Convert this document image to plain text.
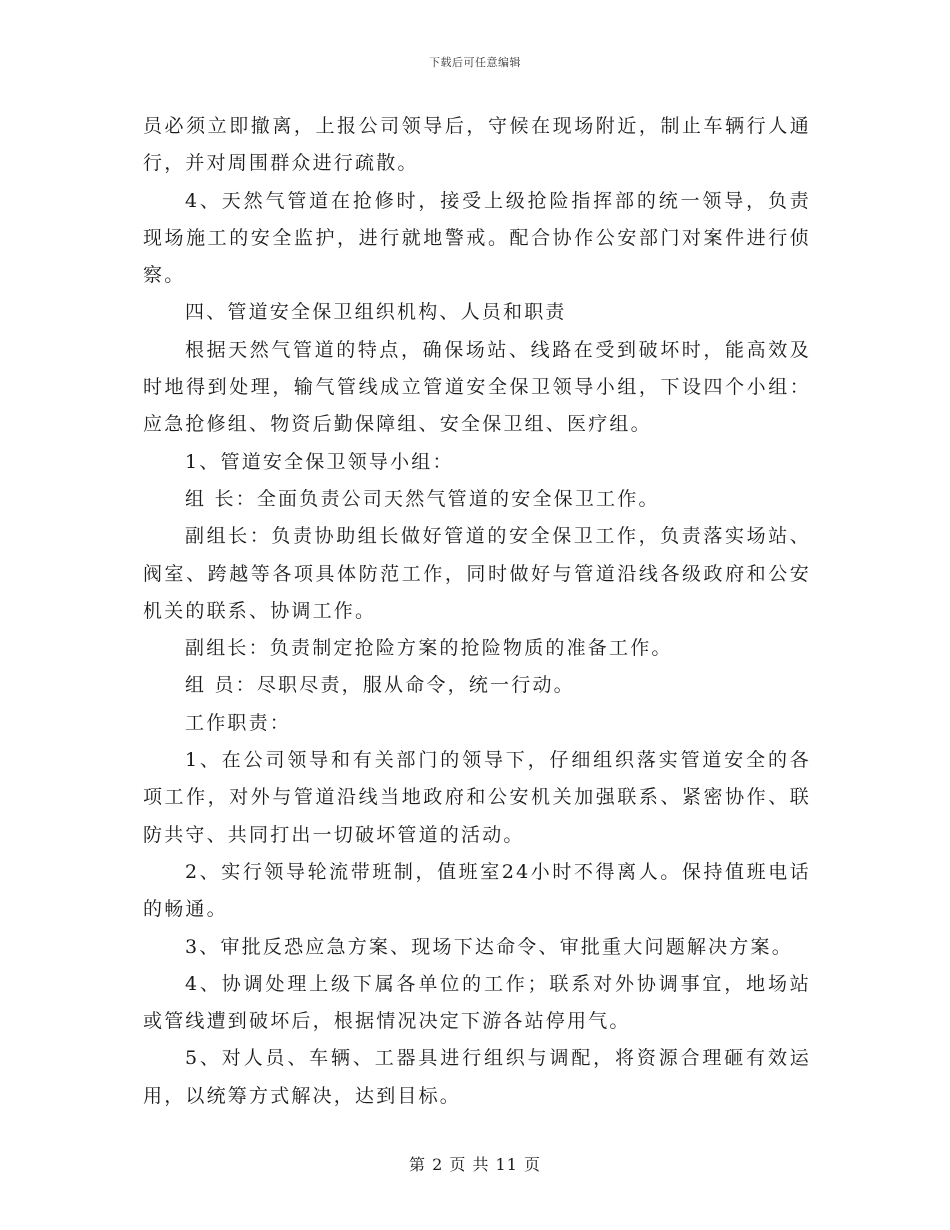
下载后可任意编辑

员必须立即撤离，上报公司领导后，守候在现场附近，制止车辆行人通行，并对周围群众进行疏散。

4、天然气管道在抢修时，接受上级抢险指挥部的统一领导，负责现场施工的安全监护，进行就地警戒。配合协作公安部门对案件进行侦察。

四、管道安全保卫组织机构、人员和职责

根据天然气管道的特点，确保场站、线路在受到破坏时，能高效及时地得到处理，输气管线成立管道安全保卫领导小组，下设四个小组：应急抢修组、物资后勤保障组、安全保卫组、医疗组。

1、管道安全保卫领导小组：

组 长：全面负责公司天然气管道的安全保卫工作。

副组长：负责协助组长做好管道的安全保卫工作，负责落实场站、阀室、跨越等各项具体防范工作，同时做好与管道沿线各级政府和公安机关的联系、协调工作。

副组长：负责制定抢险方案的抢险物质的准备工作。

组 员：尽职尽责，服从命令，统一行动。

工作职责：

1、在公司领导和有关部门的领导下，仔细组织落实管道安全的各项工作，对外与管道沿线当地政府和公安机关加强联系、紧密协作、联防共守、共同打出一切破坏管道的活动。

2、实行领导轮流带班制，值班室24小时不得离人。保持值班电话的畅通。

3、审批反恐应急方案、现场下达命令、审批重大问题解决方案。

4、协调处理上级下属各单位的工作；联系对外协调事宜，地场站或管线遭到破坏后，根据情况决定下游各站停用气。

5、对人员、车辆、工器具进行组织与调配，将资源合理砸有效运用，以统筹方式解决，达到目标。

第 2 页 共 11 页
